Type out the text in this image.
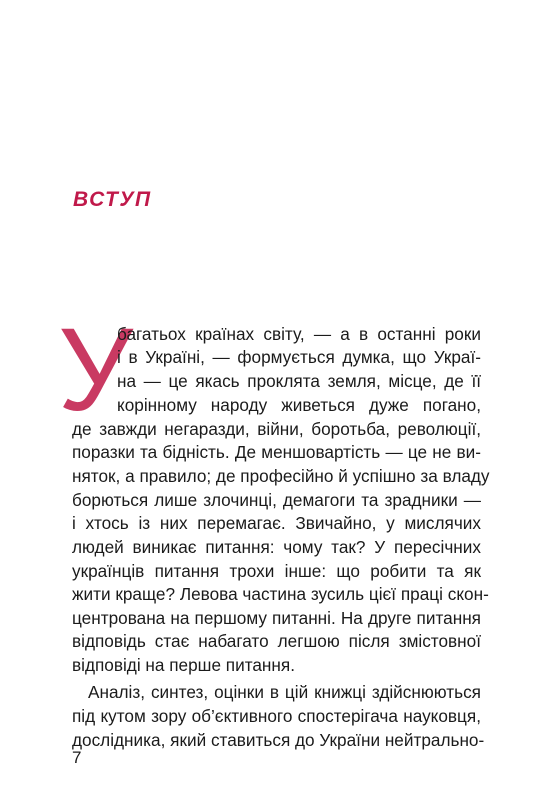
ВСТУП
У
багатьох країнах світу, — а в останні роки
і в Україні, — формується думка, що Украї-
на — це якась проклята земля, місце, де її
корінному народу живеться дуже погано,
де завжди негаразди, війни, боротьба, революції,
поразки та бідність. Де меншовартість — це не ви-
няток, а правило; де професійно й успішно за владу
борються лише злочинці, демагоги та зрадники —
і хтось із них перемагає. Звичайно, у мислячих
людей виникає питання: чому так? У пересічних
українців питання трохи інше: що робити та як
жити краще? Левова частина зусиль цієї праці скон-
центрована на першому питанні. На друге питання
відповідь стає набагато легшою після змістовної
відповіді на перше питання.
Аналіз, синтез, оцінки в цій книжці здійснюються
під кутом зору об’єктивного спостерігача науковця,
дослідника, який ставиться до України нейтрально-
7
